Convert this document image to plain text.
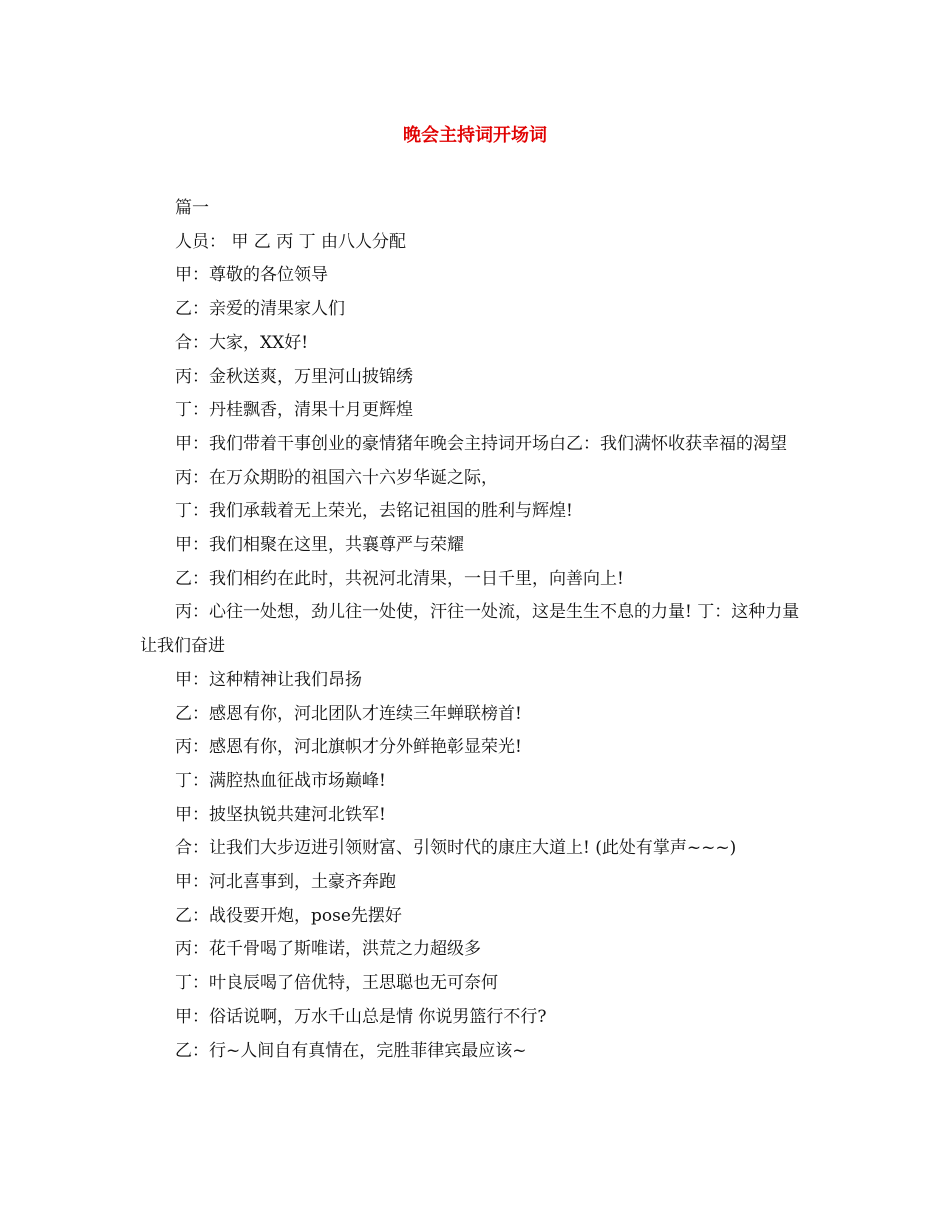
晚会主持词开场词
篇一
人员： 甲 乙 丙 丁 由八人分配
甲：尊敬的各位领导
乙：亲爱的清果家人们
合：大家，XX好!
丙：金秋送爽，万里河山披锦绣
丁：丹桂飘香，清果十月更辉煌
甲：我们带着干事创业的豪情猪年晚会主持词开场白乙：我们满怀收获幸福的渴望
丙：在万众期盼的祖国六十六岁华诞之际，
丁：我们承载着无上荣光，去铭记祖国的胜利与辉煌!
甲：我们相聚在这里，共襄尊严与荣耀
乙：我们相约在此时，共祝河北清果，一日千里，向善向上!
丙：心往一处想，劲儿往一处使，汗往一处流，这是生生不息的力量! 丁：这种力量让我们奋进
甲：这种精神让我们昂扬
乙：感恩有你，河北团队才连续三年蝉联榜首!
丙：感恩有你，河北旗帜才分外鲜艳彰显荣光!
丁：满腔热血征战市场巅峰!
甲：披坚执锐共建河北铁军!
合：让我们大步迈进引领财富、引领时代的康庄大道上! (此处有掌声~~~)
甲：河北喜事到，土豪齐奔跑
乙：战役要开炮，pose先摆好
丙：花千骨喝了斯唯诺，洪荒之力超级多
丁：叶良辰喝了倍优特，王思聪也无可奈何
甲：俗话说啊，万水千山总是情 你说男篮行不行?
乙：行~人间自有真情在，完胜菲律宾最应该~
